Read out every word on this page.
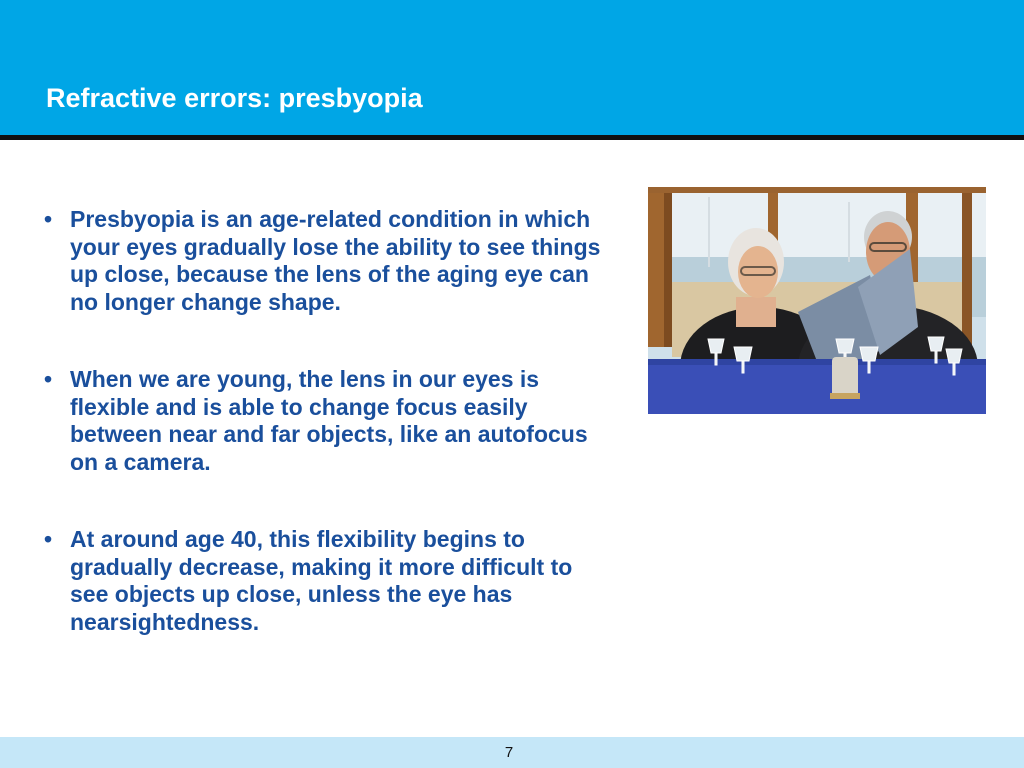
Refractive errors: presbyopia
• Presbyopia is an age-related condition in which your eyes gradually lose the ability to see things up close, because the lens of the aging eye can no longer change shape.
• When we are young, the lens in our eyes is flexible and is able to change focus easily between near and far objects, like an autofocus on a camera.
• At around age 40, this flexibility begins to gradually decrease, making it more difficult to see objects up close, unless the eye has nearsightedness.
7
